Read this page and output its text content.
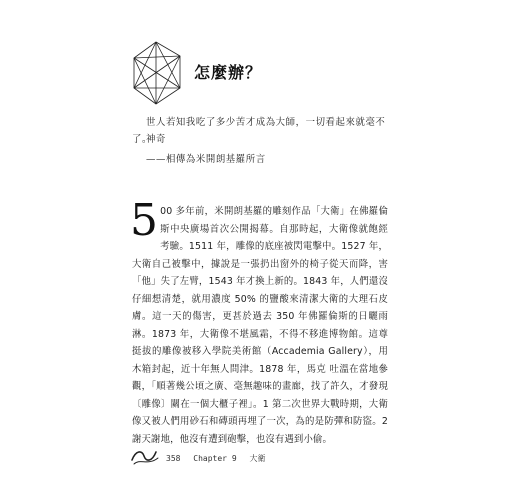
怎麼辦？
世人若知我吃了多少苦才成為大師，一切看起來就毫不神奇
了。
——相傳為米開朗基羅所言
5 00 多年前，米開朗基羅的雕刻作品「大衛」在佛羅倫斯中央廣場首次公開揭幕。自那時起，大衛像就飽經考驗。1511 年，雕像的底座被閃電擊中。1527 年，大衛自己被擊中，據說是一張扔出窗外的椅子從天而降，害「他」失了左臂，1543 年才換上新的。1843 年，人們還沒仔細想清楚，就用濃度 50% 的鹽酸來清潔大衛的大理石皮膚。這一天的傷害，更甚於過去 350 年佛羅倫斯的日曬雨淋。1873 年，大衛像不堪風霜，不得不移進博物館。這尊挺拔的雕像被移入學院美術館（Accademia Gallery），用木箱封起，近十年無人問津。1878 年，馬克 吐溫在當地參觀，「順著幾公頃之廣、毫無趣味的畫廊，找了許久，才發現〔雕像〕關在一個大櫃子裡」。1 第二次世界大戰時期，大衛像又被人們用砂石和磚頭再埋了一次，為的是防彈和防盜。2 謝天謝地，他沒有遭到砲擊，也沒有遇到小偷。
358 Chapter 9 大衛
